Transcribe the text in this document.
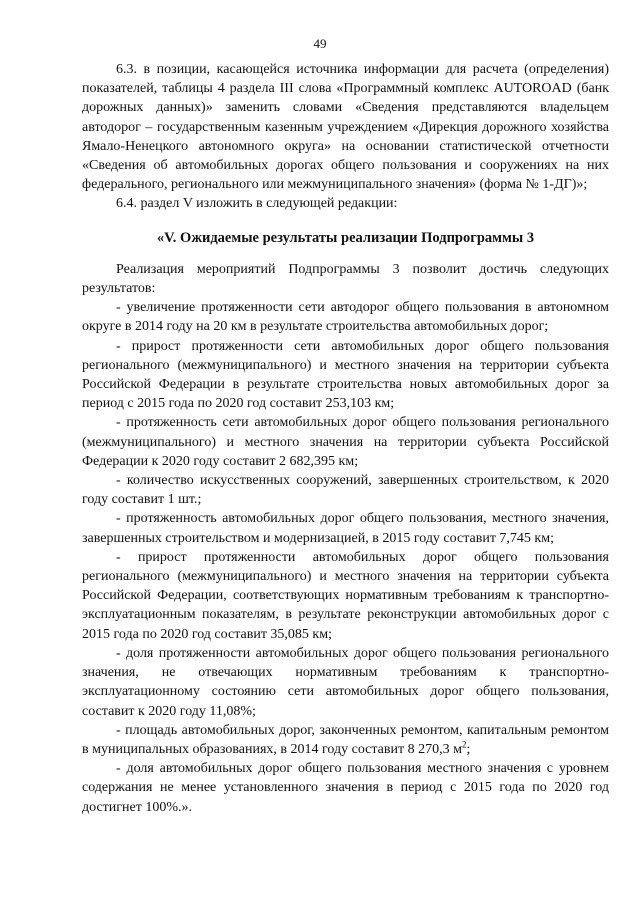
49

6.3. в позиции, касающейся источника информации для расчета (определения) показателей, таблицы 4 раздела III слова «Программный комплекс AUTOROAD (банк дорожных данных)» заменить словами «Сведения представляются владельцем автодорог – государственным казенным учреждением «Дирекция дорожного хозяйства Ямало-Ненецкого автономного округа» на основании статистической отчетности «Сведения об автомобильных дорогах общего пользования и сооружениях на них федерального, регионального или межмуниципального значения» (форма № 1-ДГ)»;

6.4. раздел V изложить в следующей редакции:

«V. Ожидаемые результаты реализации Подпрограммы 3

Реализация мероприятий Подпрограммы 3 позволит достичь следующих результатов:

- увеличение протяженности сети автодорог общего пользования в автономном округе в 2014 году на 20 км в результате строительства автомобильных дорог;

- прирост протяженности сети автомобильных дорог общего пользования регионального (межмуниципального) и местного значения на территории субъекта Российской Федерации в результате строительства новых автомобильных дорог за период с 2015 года по 2020 год составит 253,103 км;

- протяженность сети автомобильных дорог общего пользования регионального (межмуниципального) и местного значения на территории субъекта Российской Федерации к 2020 году составит 2 682,395 км;

- количество искусственных сооружений, завершенных строительством, к 2020 году составит 1 шт.;

- протяженность автомобильных дорог общего пользования, местного значения, завершенных строительством и модернизацией, в 2015 году составит 7,745 км;

- прирост протяженности автомобильных дорог общего пользования регионального (межмуниципального) и местного значения на территории субъекта Российской Федерации, соответствующих нормативным требованиям к транспортно-эксплуатационным показателям, в результате реконструкции автомобильных дорог с 2015 года по 2020 год составит 35,085 км;

- доля протяженности автомобильных дорог общего пользования регионального значения, не отвечающих нормативным требованиям к транспортно-эксплуатационному состоянию сети автомобильных дорог общего пользования, составит к 2020 году 11,08%;

- площадь автомобильных дорог, законченных ремонтом, капитальным ремонтом в муниципальных образованиях, в 2014 году составит 8 270,3 $м^2$;

- доля автомобильных дорог общего пользования местного значения с уровнем содержания не менее установленного значения в период с 2015 года по 2020 год достигнет 100%.».
